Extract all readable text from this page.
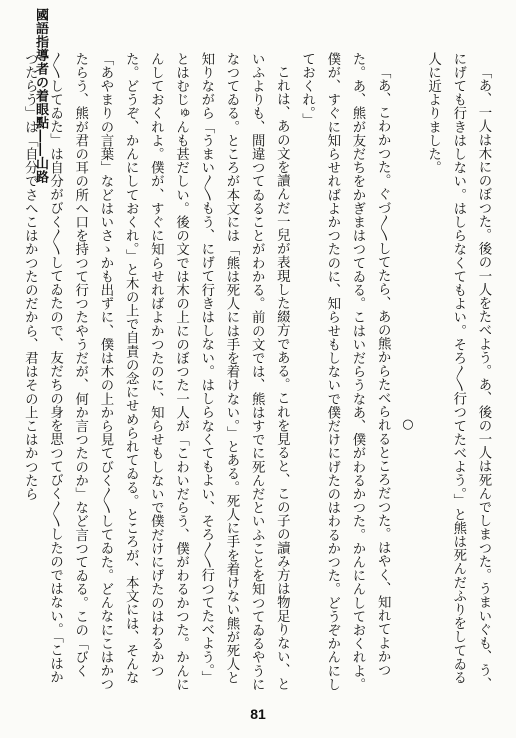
國語指導者の着眼點――山路	「あ、一人は木にのぼつた。後の一人をたべよう。あ、後の一人は死んでしまつた。うまいぐも、う、にげても行きはしない。はしらなくてもよい。そろ〳〵行つてたべよう。」と熊は死んだふりをしてゐる人に近よりました。

○

「あ、こわかつた。ぐづ〳〵してたら、あの熊からたべられるところだつた。はやく、知れてよかつた。あ、熊が友だちをかぎまはつてゐる。こはいだらうなあ、僕がわるかつた。かんにんしておくれよ。僕が、すぐに知らせればよかつたのに、知らせもしないで僕だけにげたのはわるかつた。どうぞかんにしておくれ。」

これは、あの文を讀んだ一兒が表現した綴方である。これを見ると、この子の讀み方は物足りない、といふよりも、間違つてゐることがわかる。前の文では、熊はすでに死んだといふことを知つてゐるやうになつてゐる。ところが本文には「熊は死人には手を着けない。」とある。死人に手を着けない熊が死人と知りながら「うまい〳〵もう、にげて行きはしない。はしらなくてもよい、そろ〳〵行つてたべよう。」とはむじゅんも甚だしい。後の文では木の上にのぼつた一人が「こわいだらう、僕がわるかつた。かんにんしておくれよ。僕が、すぐに知らせればよかつたのに、知らせもしないで僕だけにげたのはわるかつた。どうぞ、かんにしておくれ。」と木の上で自責の念にせめられてゐる。ところが、本文には、そんな「あやまりの言葉」などはいさゝかも出ずに、僕は木の上から見てびく〳〵してゐた。どんなにこはかつたらう、熊が君の耳の所へ口を持つて行つたやうだが、何か言つたのか」など言つてゐる。この「びく〳〵してゐた」は自分がびく〳〵してゐたので、友だちの身を思つてびく〳〵したのではない。「こはかつたらう」は「自分でさへこはかつたのだから、君はその上こはかつたら

81
